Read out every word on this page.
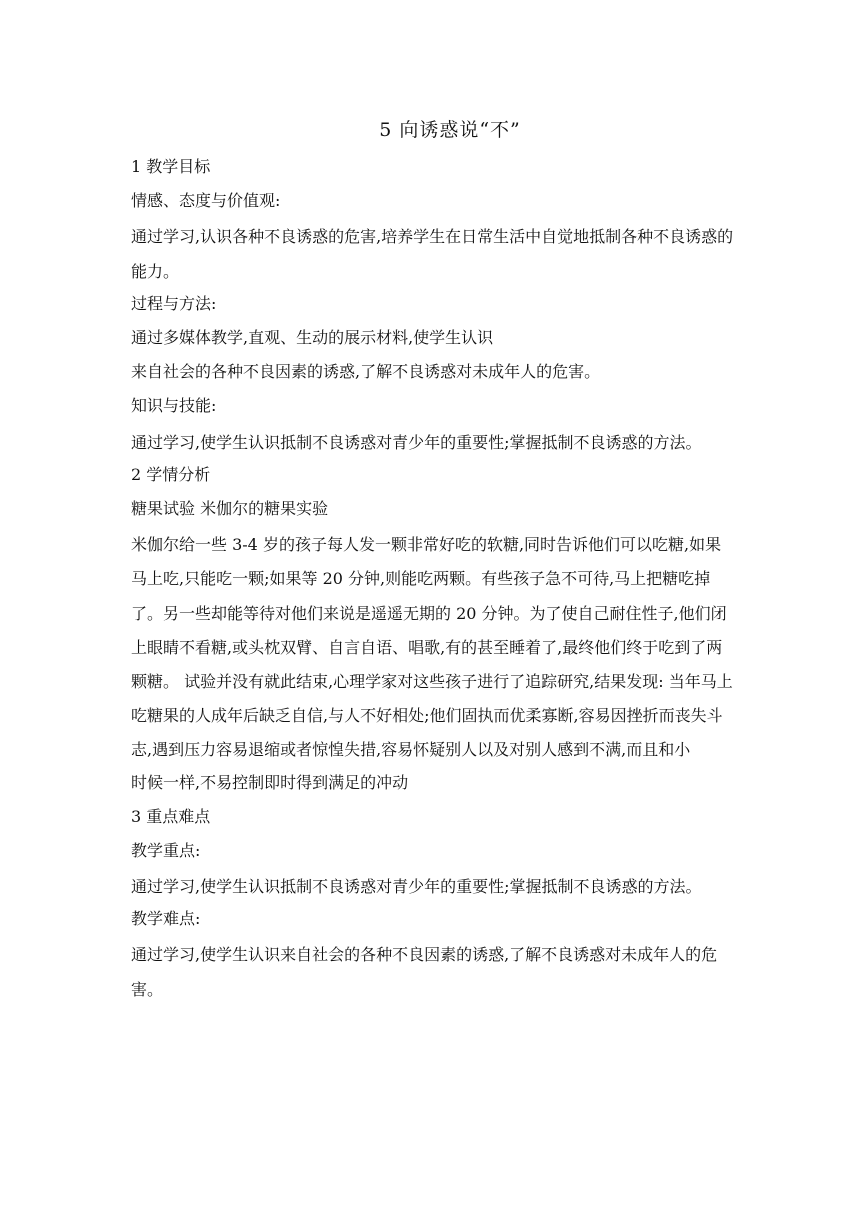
5 向诱惑说“不”
1 教学目标
情感、态度与价值观:
通过学习,认识各种不良诱惑的危害,培养学生在日常生活中自觉地抵制各种不良诱惑的能力。
过程与方法:
通过多媒体教学,直观、生动的展示材料,使学生认识
来自社会的各种不良因素的诱惑,了解不良诱惑对未成年人的危害。
知识与技能:
通过学习,使学生认识抵制不良诱惑对青少年的重要性;掌握抵制不良诱惑的方法。
2 学情分析
糖果试验 米伽尔的糖果实验
米伽尔给一些 3-4 岁的孩子每人发一颗非常好吃的软糖,同时告诉他们可以吃糖,如果马上吃,只能吃一颗;如果等 20 分钟,则能吃两颗。有些孩子急不可待,马上把糖吃掉了。另一些却能等待对他们来说是遥遥无期的 20 分钟。为了使自己耐住性子,他们闭上眼睛不看糖,或头枕双臂、自言自语、唱歌,有的甚至睡着了,最终他们终于吃到了两颗糖。 试验并没有就此结束,心理学家对这些孩子进行了追踪研究,结果发现: 当年马上吃糖果的人成年后缺乏自信,与人不好相处;他们固执而优柔寡断,容易因挫折而丧失斗志,遇到压力容易退缩或者惊惶失措,容易怀疑别人以及对别人感到不满,而且和小
时候一样,不易控制即时得到满足的冲动
3 重点难点
教学重点:
通过学习,使学生认识抵制不良诱惑对青少年的重要性;掌握抵制不良诱惑的方法。
教学难点:
通过学习,使学生认识来自社会的各种不良因素的诱惑,了解不良诱惑对未成年人的危害。
